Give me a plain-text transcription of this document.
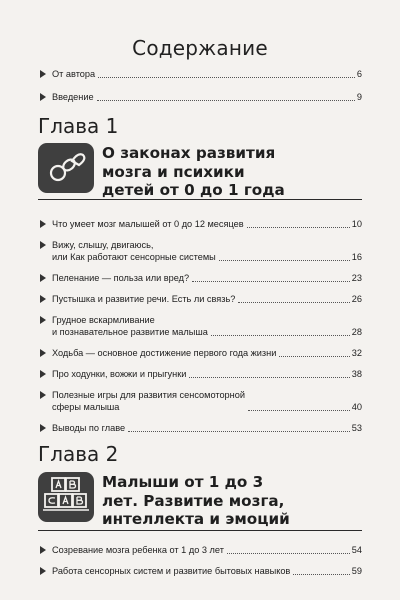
Содержание
От автора	6
Введение	9
Глава 1
О законах развития
мозга и психики
детей от 0 до 1 года
Что умеет мозг малышей от 0 до 12 месяцев	10
Вижу, слышу, двигаюсь,
или Как работают сенсорные системы	16
Пеленание — польза или вред?	23
Пустышка и развитие речи. Есть ли связь?	26
Грудное вскармливание
и познавательное развитие малыша	28
Ходьба — основное достижение первого года жизни	32
Про ходунки, вожжи и прыгунки	38
Полезные игры для развития сенсомоторной
сферы малыша	40
Выводы по главе	53
Глава 2
Малыши от 1 до 3
лет. Развитие мозга,
интеллекта и эмоций
Созревание мозга ребенка от 1 до 3 лет	54
Работа сенсорных систем и развитие бытовых навыков	59
